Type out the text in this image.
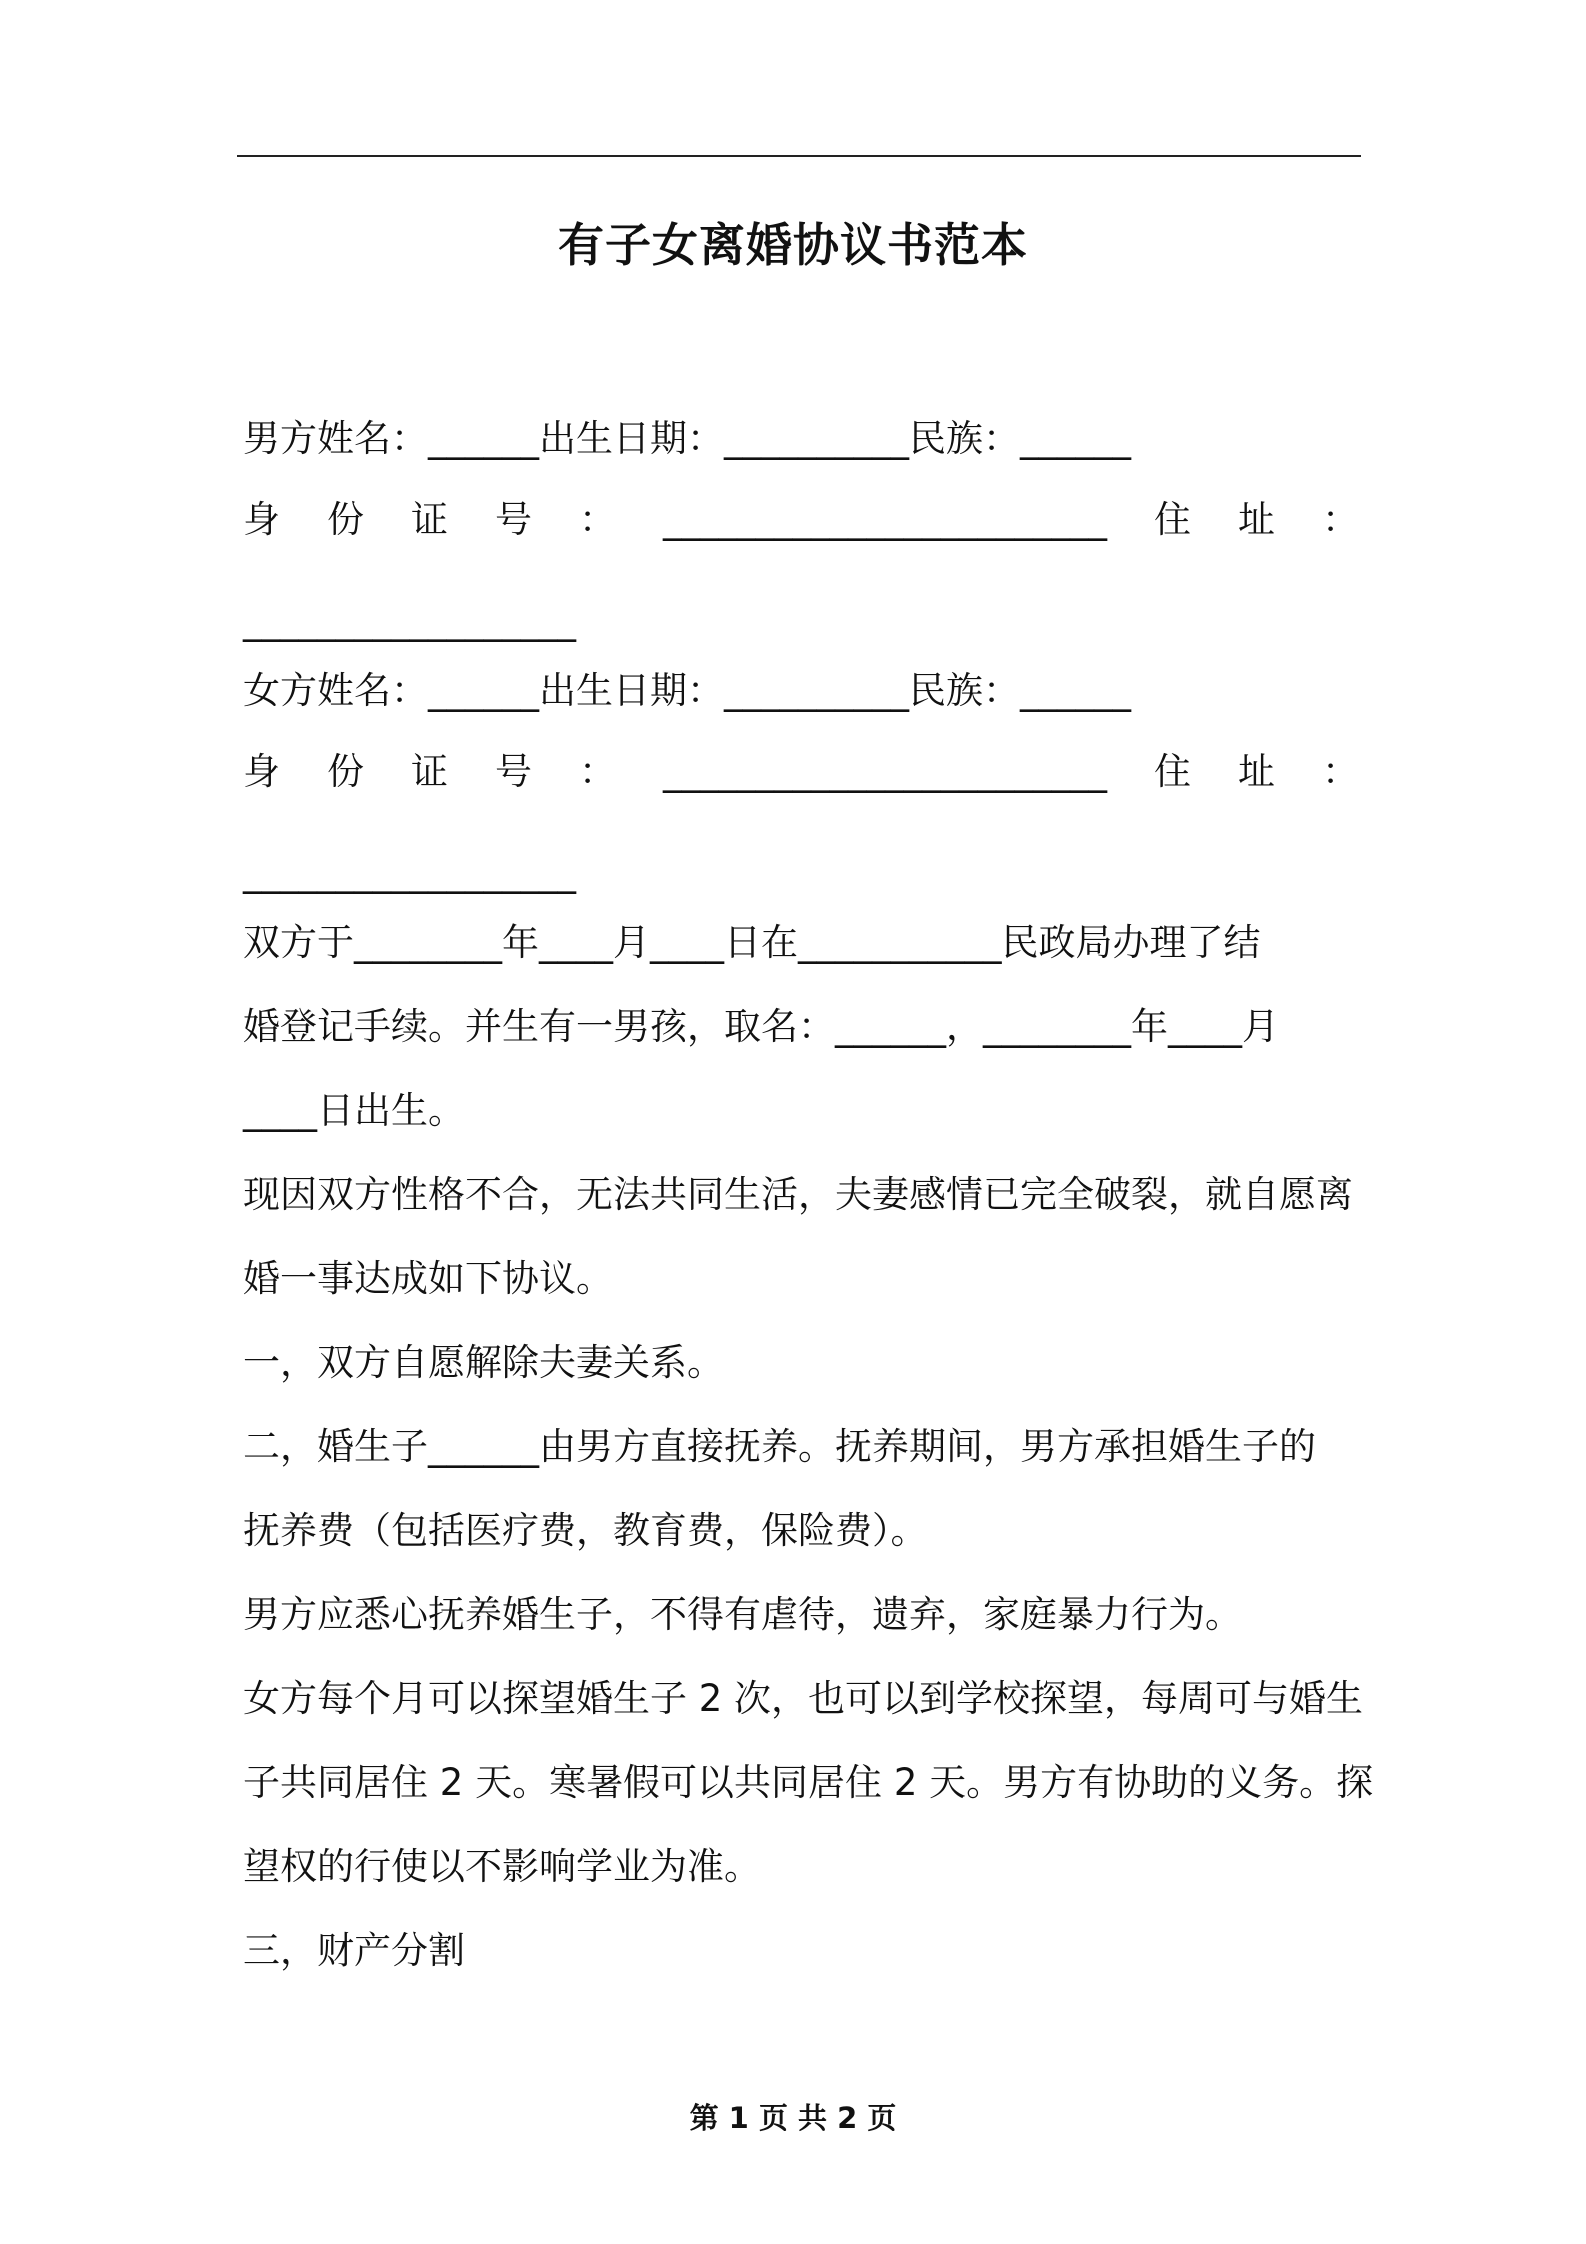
有子女离婚协议书范本
男方姓名：______出生日期：__________民族：______
身 份 证 号 ： ________________________ 住 址 ：
__________________
女方姓名：______出生日期：__________民族：______
身 份 证 号 ： ________________________ 住 址 ：
__________________
双方于________年____月____日在___________民政局办理了结
婚登记手续。并生有一男孩，取名：______，________年____月
____日出生。
现因双方性格不合，无法共同生活，夫妻感情已完全破裂，就自愿离
婚一事达成如下协议。
一，双方自愿解除夫妻关系。
二，婚生子______由男方直接抚养。抚养期间，男方承担婚生子的
抚养费（包括医疗费，教育费，保险费）。
男方应悉心抚养婚生子，不得有虐待，遗弃，家庭暴力行为。
女方每个月可以探望婚生子 2 次，也可以到学校探望，每周可与婚生
子共同居住 2 天。寒暑假可以共同居住 2 天。男方有协助的义务。探
望权的行使以不影响学业为准。
三，财产分割
第 1 页 共 2 页
